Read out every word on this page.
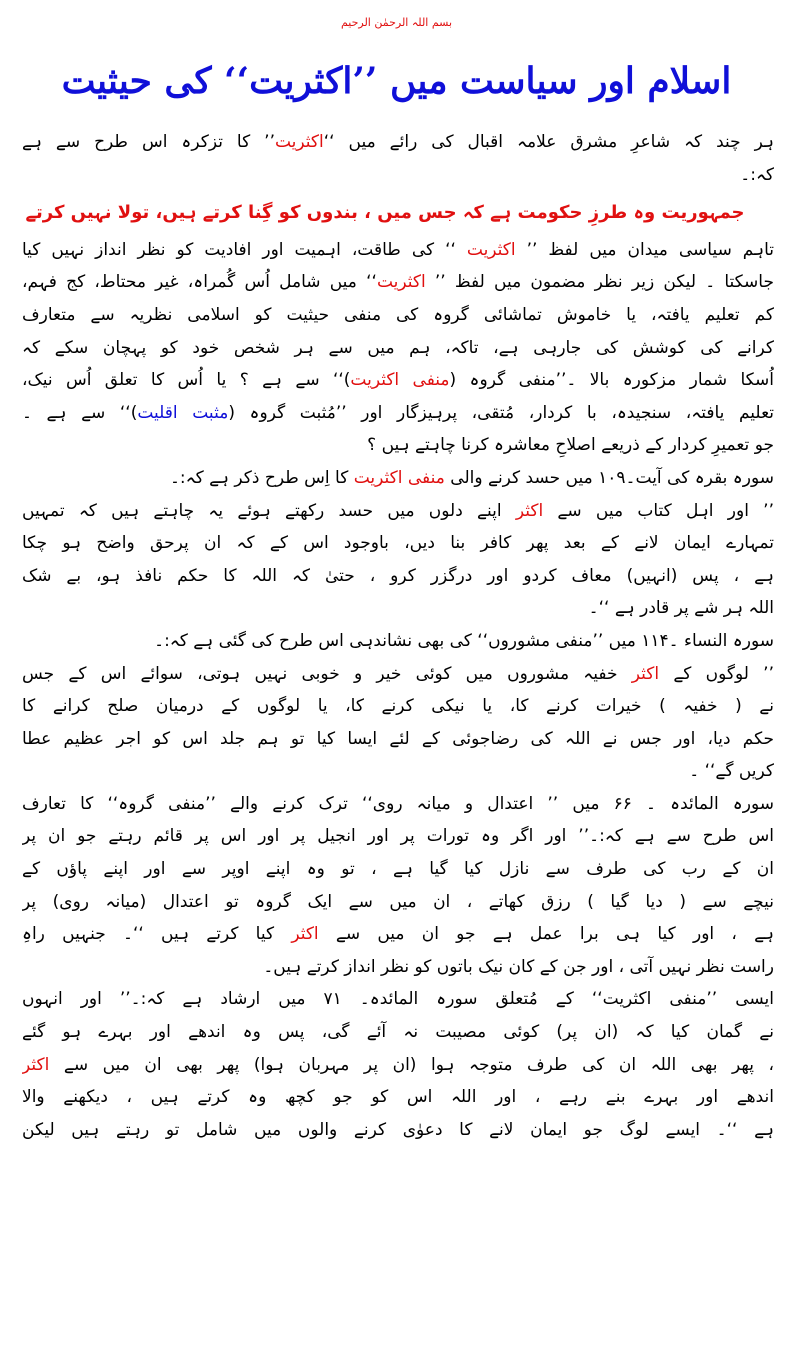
بسم اللہ الرحمٰن الرحیم
اسلام اور سیاست میں ’’اکثریت‘‘ کی حیثیت
ہر چند کہ شاعرِ مشرق علامہ اقبال کی رائے میں ‘‘اکثریت’’ کا تزکرہ اس طرح سے ہے
کہ:۔
جمہوریت وہ طرزِ حکومت ہے کہ جس میں ، بندوں کو گِنا کرتے ہیں، تولا نہیں کرتے
تاہم سیاسی میدان میں لفظ ’’ اکثریت ‘‘ کی طاقت، اہمیت اور افادیت کو نظر انداز نہیں کیا
جاسکتا ۔ لیکن زیر نظر مضمون میں لفظ ’’ اکثریت‘‘ میں شامل اُس گُمراہ، غیر محتاط، کج فہم،
کم تعلیم یافتہ، یا خاموش تماشائی گروہ کی منفی حیثیت کو اسلامی نظریہ سے متعارف
کرانے کی کوشش کی جارہی ہے، تاکہ، ہم میں سے ہر شخص خود کو پہچان سکے کہ
اُسکا شمار مزکورہ بالا ۔’’منفی گروہ (منفی اکثریت)‘‘ سے ہے ؟ یا اُس کا تعلق اُس نیک،
تعلیم یافتہ، سنجیدہ، با کردار، مُتقی، پرہیزگار اور ’’مُثبت گروہ (مثبت اقلیت)‘‘ سے ہے ۔
جو تعمیرِ کردار کے ذریعے اصلاحِ معاشرہ کرنا چاہتے ہیں ؟
سورہ بقرہ کی آیت۔۱۰۹ میں حسد کرنے والی منفی اکثریت کا اِس طرح ذکر ہے کہ:۔
’’ اور اہل کتاب میں سے اکثر اپنے دلوں میں حسد رکھتے ہوئے یہ چاہتے ہیں کہ تمہیں
تمہارے ایمان لانے کے بعد پھر کافر بنا دیں، باوجود اس کے کہ ان پرحق واضح ہو چکا
ہے ، پس (انہیں) معاف کردو اور درگزر کرو ، حتیٰ کہ اللہ کا حکم نافذ ہو، بے شک
اللہ ہر شے پر قادر ہے ‘‘۔
سورہ النساء ۔۱۱۴ میں ’’منفی مشوروں‘‘ کی بھی نشاندہی اس طرح کی گئی ہے کہ:۔
’’ لوگوں کے اکثر خفیہ مشوروں میں کوئی خیر و خوبی نہیں ہوتی، سوائے اس کے جس
نے ( خفیہ ) خیرات کرنے کا، یا نیکی کرنے کا، یا لوگوں کے درمیان صلح کرانے کا
حکم دیا، اور جس نے اللہ کی رضاجوئی کے لئے ایسا کیا تو ہم جلد اس کو اجر عظیم عطا
کریں گے‘‘ ۔
سورہ المائدہ ۔ ۶۶ میں ’’ اعتدال و میانہ روی‘‘ ترک کرنے والے ’’منفی گروہ‘‘ کا تعارف
اس طرح سے ہے کہ:۔’’ اور اگر وہ تورات پر اور انجیل پر اور اس پر قائم رہتے جو ان پر
ان کے رب کی طرف سے نازل کیا گیا ہے ، تو وہ اپنے اوپر سے اور اپنے پاؤں کے
نیچے سے ( دیا گیا ) رزق کھاتے ، ان میں سے ایک گروہ تو اعتدال (میانہ روی) پر
ہے ، اور کیا ہی برا عمل ہے جو ان میں سے اکثر کیا کرتے ہیں ‘‘۔ جنہیں راہِ
راست نظر نہیں آتی ، اور جن کے کان نیک باتوں کو نظر انداز کرتے ہیں۔
ایسی ’’منفی اکثریت‘‘ کے مُتعلق سورہ المائدہ۔ ۷۱ میں ارشاد ہے کہ:۔’’ اور انہوں
نے گمان کیا کہ (ان پر) کوئی مصیبت نہ آئے گی، پس وہ اندھے اور بہرے ہو گئے
، پھر بھی اللہ ان کی طرف متوجہ ہوا (ان پر مہربان ہوا) پھر بھی ان میں سے اکثر
اندھے اور بہرے بنے رہے ، اور اللہ اس کو جو کچھ وہ کرتے ہیں ، دیکھنے والا
ہے ‘‘۔ ایسے لوگ جو ایمان لانے کا دعوٰی کرنے والوں میں شامل تو رہتے ہیں لیکن
